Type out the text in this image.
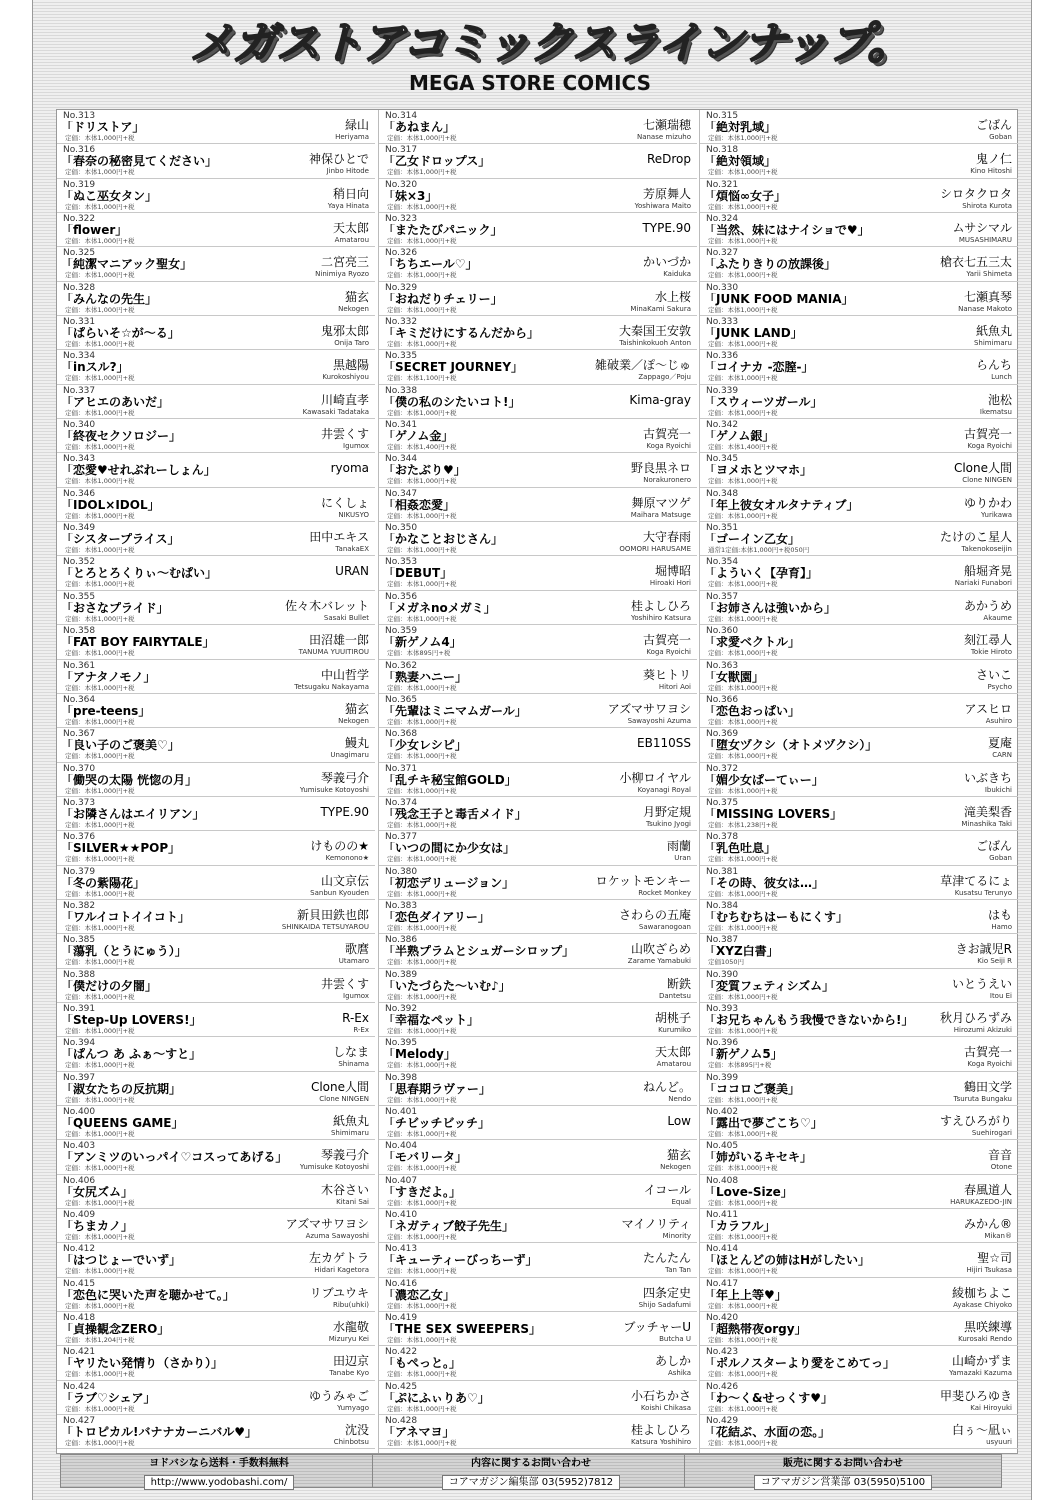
メガストアコミックスラインナップ。
MEGA STORE COMICS
No.313
「ドリストア」
定価：本体1,000円+税
緑山
Heriyama
No.316
「春奈の秘密見てください」
定価：本体1,000円+税
神保ひとで
Jinbo Hitode
No.319
「ぬこ巫女タン」
定価：本体1,000円+税
稍日向
Yaya Hinata
No.322
「flower」
定価：本体1,000円+税
天太郎
Amatarou
No.325
「純潔マニアック聖女」
定価：本体1,000円+税
二宮亮三
Ninimiya Ryozo
No.328
「みんなの先生」
定価：本体1,000円+税
猫玄
Nekogen
No.331
「ぱらいそ☆が～る」
定価：本体1,000円+税
鬼邪太郎
Onija Taro
No.334
「inスル?」
定価：本体1,000円+税
黒越陽
Kurokoshiyou
No.337
「アヒエのあいだ」
定価：本体1,000円+税
川崎直孝
Kawasaki Tadataka
No.340
「終夜セクソロジー」
定価：本体1,000円+税
井雲くす
Igumox
No.343
「恋愛♥せれぶれーしょん」
定価：本体1,000円+税
ryoma
No.346
「IDOL×IDOL」
定価：本体1,000円+税
にくしょ
NIKUSYO
No.349
「シスタープライス」
定価：本体1,000円+税
田中エキス
TanakaEX
No.352
「とろとろくりぃ～むぱい」
定価：本体1,000円+税
URAN
No.355
「おさなプライド」
定価：本体1,000円+税
佐々木バレット
Sasaki Bullet
No.358
「FAT BOY FAIRYTALE」
定価：本体1,000円+税
田沼雄一郎
TANUMA YUUITIROU
No.361
「アナタノモノ」
定価：本体1,000円+税
中山哲学
Tetsugaku Nakayama
No.364
「pre-teens」
定価：本体1,000円+税
猫玄
Nekogen
No.367
「良い子のご褒美♡」
定価：本体1,000円+税
鰻丸
Unagimaru
No.370
「働哭の太陽 恍惚の月」
定価：本体1,000円+税
琴義弓介
Yumisuke Kotoyoshi
No.373
「お隣さんはエイリアン」
定価：本体1,000円+税
TYPE.90
No.376
「SILVER★★POP」
定価：本体1,000円+税
けものの★
Kemonono★
No.379
「冬の紫陽花」
定価：本体1,000円+税
山文京伝
Sanbun Kyouden
No.382
「ワルイコトイイコト」
定価：本体1,000円+税
新貝田鉄也郎
SHINKAIDA TETSUYAROU
No.385
「蕩乳（とうにゅう）」
定価：本体1,000円+税
歌麿
Utamaro
No.388
「僕だけの夕闇」
定価：本体1,000円+税
井雲くす
Igumox
No.391
「Step-Up LOVERS!」
定価：本体1,000円+税
R-Ex
R-Ex
No.394
「ぱんつ あ ふぁ～すと」
定価：本体1,000円+税
しなま
Shinama
No.397
「淑女たちの反抗期」
定価：本体1,000円+税
Clone人間
Clone NINGEN
No.400
「QUEENS GAME」
定価：本体1,000円+税
紙魚丸
Shimimaru
No.403
「アンミツのいっパイ♡コスってあげる」
定価：本体1,000円+税
琴義弓介
Yumisuke Kotoyoshi
No.406
「女尻ズム」
定価：本体1,000円+税
木谷さい
Kitani Sai
No.409
「ちまカノ」
定価：本体1,000円+税
アズマサワヨシ
Azuma Sawayoshi
No.412
「はつじょーでいず」
定価：本体1,000円+税
左カゲトラ
Hidari Kagetora
No.415
「恋色に哭いた声を聴かせて。」
定価：本体1,000円+税
リブユウキ
Ribu(uhki)
No.418
「貞操観念ZERO」
定価：本体1,204円+税
水龍敬
Mizuryu Kei
No.421
「ヤリたい発情り（さかり）」
定価：本体1,000円+税
田辺京
Tanabe Kyo
No.424
「ラブ♡シェア」
定価：本体1,000円+税
ゆうみゃご
Yumyago
No.427
「トロピカル!バナナカーニバル♥」
定価：本体1,000円+税
沈没
Chinbotsu
No.314
「あねまん」
定価：本体1,000円+税
七瀬瑞穂
Nanase mizuho
No.317
「乙女ドロップス」
定価：本体1,000円+税
ReDrop
No.320
「妹×3」
定価：本体1,000円+税
芳原舞人
Yoshiwara Maito
No.323
「またたびパニック」
定価：本体1,000円+税
TYPE.90
No.326
「ちちエール♡」
定価：本体1,000円+税
かいづか
Kaiduka
No.329
「おねだりチェリー」
定価：本体1,000円+税
水上桜
MinaKami Sakura
No.332
「キミだけにするんだから」
定価：本体1,000円+税
大秦国王安敦
Taishinkokuoh Anton
No.335
「SECRET JOURNEY」
定価：本体1,100円+税
雑破業／ぽ～じゅ
Zappago／Poju
No.338
「僕の私のシたいコト!」
定価：本体1,000円+税
Kima-gray
No.341
「ゲノム金」
定価：本体1,400円+税
古賀亮一
Koga Ryoichi
No.344
「おたぶり♥」
定価：本体1,000円+税
野良黒ネロ
Norakuronero
No.347
「相姦恋愛」
定価：本体1,000円+税
舞原マツゲ
Maihara Matsuge
No.350
「かなことおじさん」
定価：本体1,000円+税
大守春雨
OOMORI HARUSAME
No.353
「DEBUT」
定価：本体1,000円+税
堀博昭
Hiroaki Hori
No.356
「メガネnoメガミ」
定価：本体1,000円+税
桂よしひろ
Yoshihiro Katsura
No.359
「新ゲノム4」
定価：本体895円+税
古賀亮一
Koga Ryoichi
No.362
「熟妻ハニー」
定価：本体1,000円+税
葵ヒトリ
Hitori Aoi
No.365
「先輩はミニマムガール」
定価：本体1,000円+税
アズマサワヨシ
Sawayoshi Azuma
No.368
「少女レシピ」
定価：本体1,000円+税
EB110SS
No.371
「乱チキ秘宝館GOLD」
定価：本体1,000円+税
小柳ロイヤル
Koyanagi Royal
No.374
「残念王子と毒舌メイド」
定価：本体1,000円+税
月野定規
Tsukino Jyogi
No.377
「いつの間にか少女は」
定価：本体1,000円+税
雨蘭
Uran
No.380
「初恋デリュージョン」
定価：本体1,000円+税
ロケットモンキー
Rocket Monkey
No.383
「恋色ダイアリー」
定価：本体1,000円+税
さわらの五庵
Sawaranogoan
No.386
「半熟プラムとシュガーシロップ」
定価：本体1,000円+税
山吹ざらめ
Zarame Yamabuki
No.389
「いたづらた～いむ♪」
定価：本体1,000円+税
断鉄
Dantetsu
No.392
「幸福なペット」
定価：本体1,000円+税
胡桃子
Kurumiko
No.395
「Melody」
定価：本体1,000円+税
天太郎
Amatarou
No.398
「思春期ラヴァー」
定価：本体1,000円+税
ねんど。
Nendo
No.401
「チビッチビッチ」
定価：本体1,000円+税
Low
No.404
「モバリータ」
定価：本体1,000円+税
猫玄
Nekogen
No.407
「すきだよ。」
定価：本体1,000円+税
イコール
Equal
No.410
「ネガティブ餃子先生」
定価：本体1,000円+税
マイノリティ
Minority
No.413
「キューティーびっちーず」
定価：本体1,000円+税
たんたん
Tan Tan
No.416
「濃恋乙女」
定価：本体1,000円+税
四条定史
Shijo Sadafumi
No.419
「THE SEX SWEEPERS」
定価：本体1,000円+税
ブッチャーU
Butcha U
No.422
「もぺっと。」
定価：本体1,000円+税
あしか
Ashika
No.425
「ぷにふぃりあ♡」
定価：本体1,000円+税
小石ちかさ
Koishi Chikasa
No.428
「アネマヨ」
定価：本体1,000円+税
桂よしひろ
Katsura Yoshihiro
No.315
「絶対乳域」
定価：本体1,000円+税
ごばん
Goban
No.318
「絶対領域」
定価：本体1,000円+税
鬼ノ仁
Kino Hitoshi
No.321
「煩悩∞女子」
定価：本体1,000円+税
シロタクロタ
Shirota Kurota
No.324
「当然、妹にはナイショで♥」
定価：本体1,000円+税
ムサシマル
MUSASHIMARU
No.327
「ふたりきりの放課後」
定価：本体1,000円+税
槍衣七五三太
Yarii Shimeta
No.330
「JUNK FOOD MANIA」
定価：本体1,000円+税
七瀬真琴
Nanase Makoto
No.333
「JUNK LAND」
定価：本体1,000円+税
紙魚丸
Shimimaru
No.336
「コイナカ -恋膣-」
定価：本体1,000円+税
らんち
Lunch
No.339
「スウィーツガール」
定価：本体1,000円+税
池松
Ikematsu
No.342
「ゲノム銀」
定価：本体1,400円+税
古賀亮一
Koga Ryoichi
No.345
「ヨメホとツマホ」
定価：本体1,000円+税
Clone人間
Clone NINGEN
No.348
「年上彼女オルタナティブ」
定価：本体1,000円+税
ゆりかわ
Yurikawa
No.351
「ゴーイン乙女」
通常1定価:本体1,000円+税050円
たけのこ星人
Takenokoseijin
No.354
「よういく【孕育】」
定価：本体1,000円+税
船堀斉晃
Nariaki Funabori
No.357
「お姉さんは強いから」
定価：本体1,000円+税
あかうめ
Akaume
No.360
「求愛ベクトル」
定価：本体1,000円+税
刻江尋人
Tokie Hiroto
No.363
「女獣園」
定価：本体1,000円+税
さいこ
Psycho
No.366
「恋色おっぱい」
定価：本体1,000円+税
アスヒロ
Asuhiro
No.369
「堕女ヅクシ（オトメヅクシ）」
定価：本体1,000円+税
夏庵
CARN
No.372
「媚少女ぱーてぃー」
定価：本体1,000円+税
いぶきち
Ibukichi
No.375
「MISSING LOVERS」
定価：本体1,238円+税
滝美梨香
Minashika Taki
No.378
「乳色吐息」
定価：本体1,000円+税
ごばん
Goban
No.381
「その時、彼女は…」
定価：本体1,000円+税
草津てるにょ
Kusatsu Terunyo
No.384
「むちむちはーもにくす」
定価：本体1,000円+税
はも
Hamo
No.387
「XYZ白書」
定価1050円
きお誠児R
Kio Seiji R
No.390
「変質フェティシズム」
定価：本体1,000円+税
いとうえい
Itou Ei
No.393
「お兄ちゃんもう我慢できないから!」
定価：本体1,000円+税
秋月ひろずみ
Hirozumi Akizuki
No.396
「新ゲノム5」
定価：本体895円+税
古賀亮一
Koga Ryoichi
No.399
「ココロご褒美」
定価：本体1,000円+税
鶴田文学
Tsuruta Bungaku
No.402
「露出で夢ごこち♡」
定価：本体1,000円+税
すえひろがり
Suehirogari
No.405
「姉がいるキセキ」
定価：本体1,000円+税
音音
Otone
No.408
「Love-Size」
定価：本体1,000円+税
春風道人
HARUKAZEDO-JIN
No.411
「カラフル」
定価：本体1,000円+税
みかん®
Mikan®
No.414
「ほとんどの姉はHがしたい」
定価：本体1,000円+税
聖☆司
Hijiri Tsukasa
No.417
「年上上等♥」
定価：本体1,000円+税
綾枷ちよこ
Ayakase Chiyoko
No.420
「超熱帯夜orgy」
定価：本体1,000円+税
黒咲練導
Kurosaki Rendo
No.423
「ポルノスターより愛をこめてっ」
定価：本体1,000円+税
山崎かずま
Yamazaki Kazuma
No.426
「わ～く&せっくす♥」
定価：本体1,000円+税
甲斐ひろゆき
Kai Hiroyuki
No.429
「花結ぶ、水面の恋。」
定価：本体1,000円+税
白ぅ～凪ぃ
usyuuri
ヨドバシなら送料・手数料無料
http://www.yodobashi.com/
内容に関するお問い合わせ
コアマガジン編集部 03(5952)7812
販売に関するお問い合わせ
コアマガジン営業部 03(5950)5100
